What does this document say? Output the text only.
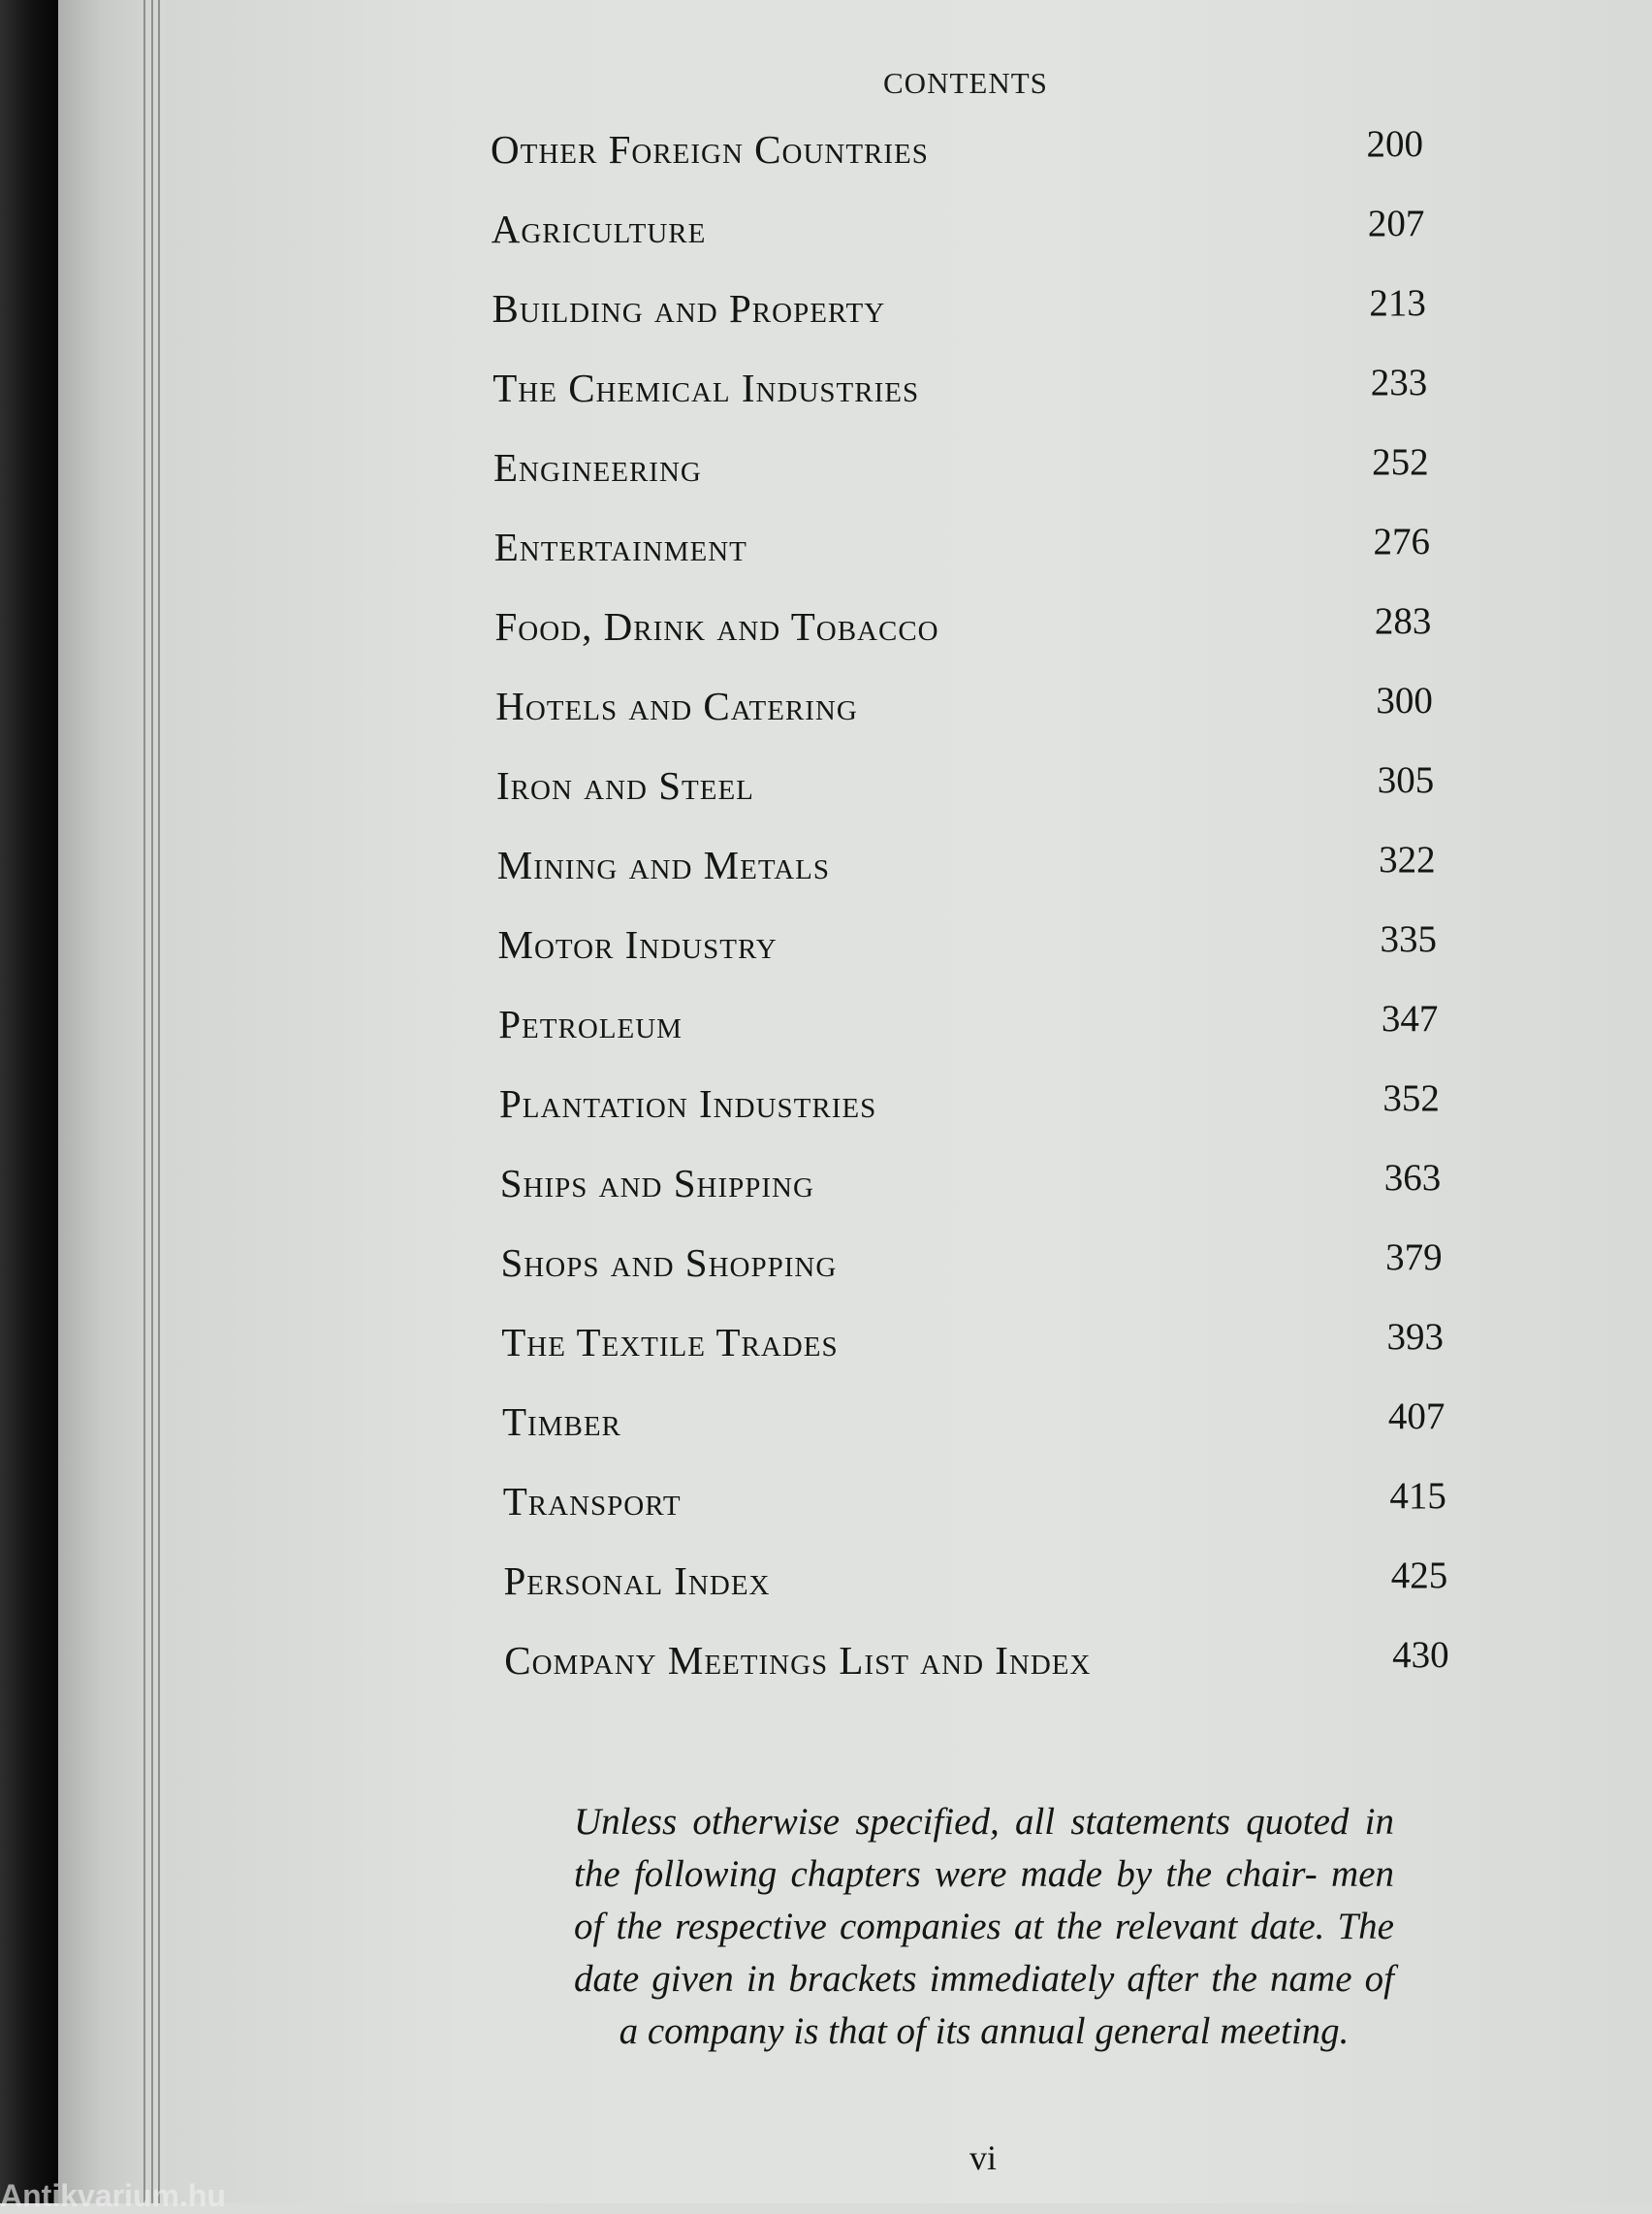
CONTENTS
Other Foreign Countries	200
Agriculture	207
Building and Property	213
The Chemical Industries	233
Engineering	252
Entertainment	276
Food, Drink and Tobacco	283
Hotels and Catering	300
Iron and Steel	305
Mining and Metals	322
Motor Industry	335
Petroleum	347
Plantation Industries	352
Ships and Shipping	363
Shops and Shopping	379
The Textile Trades	393
Timber	407
Transport	415
Personal Index	425
Company Meetings List and Index	430
Unless otherwise specified, all statements quoted in the following chapters were made by the chair- men of the respective companies at the relevant date. The date given in brackets immediately after the name of a company is that of its annual general meeting.
vi
Antikvarium.hu
